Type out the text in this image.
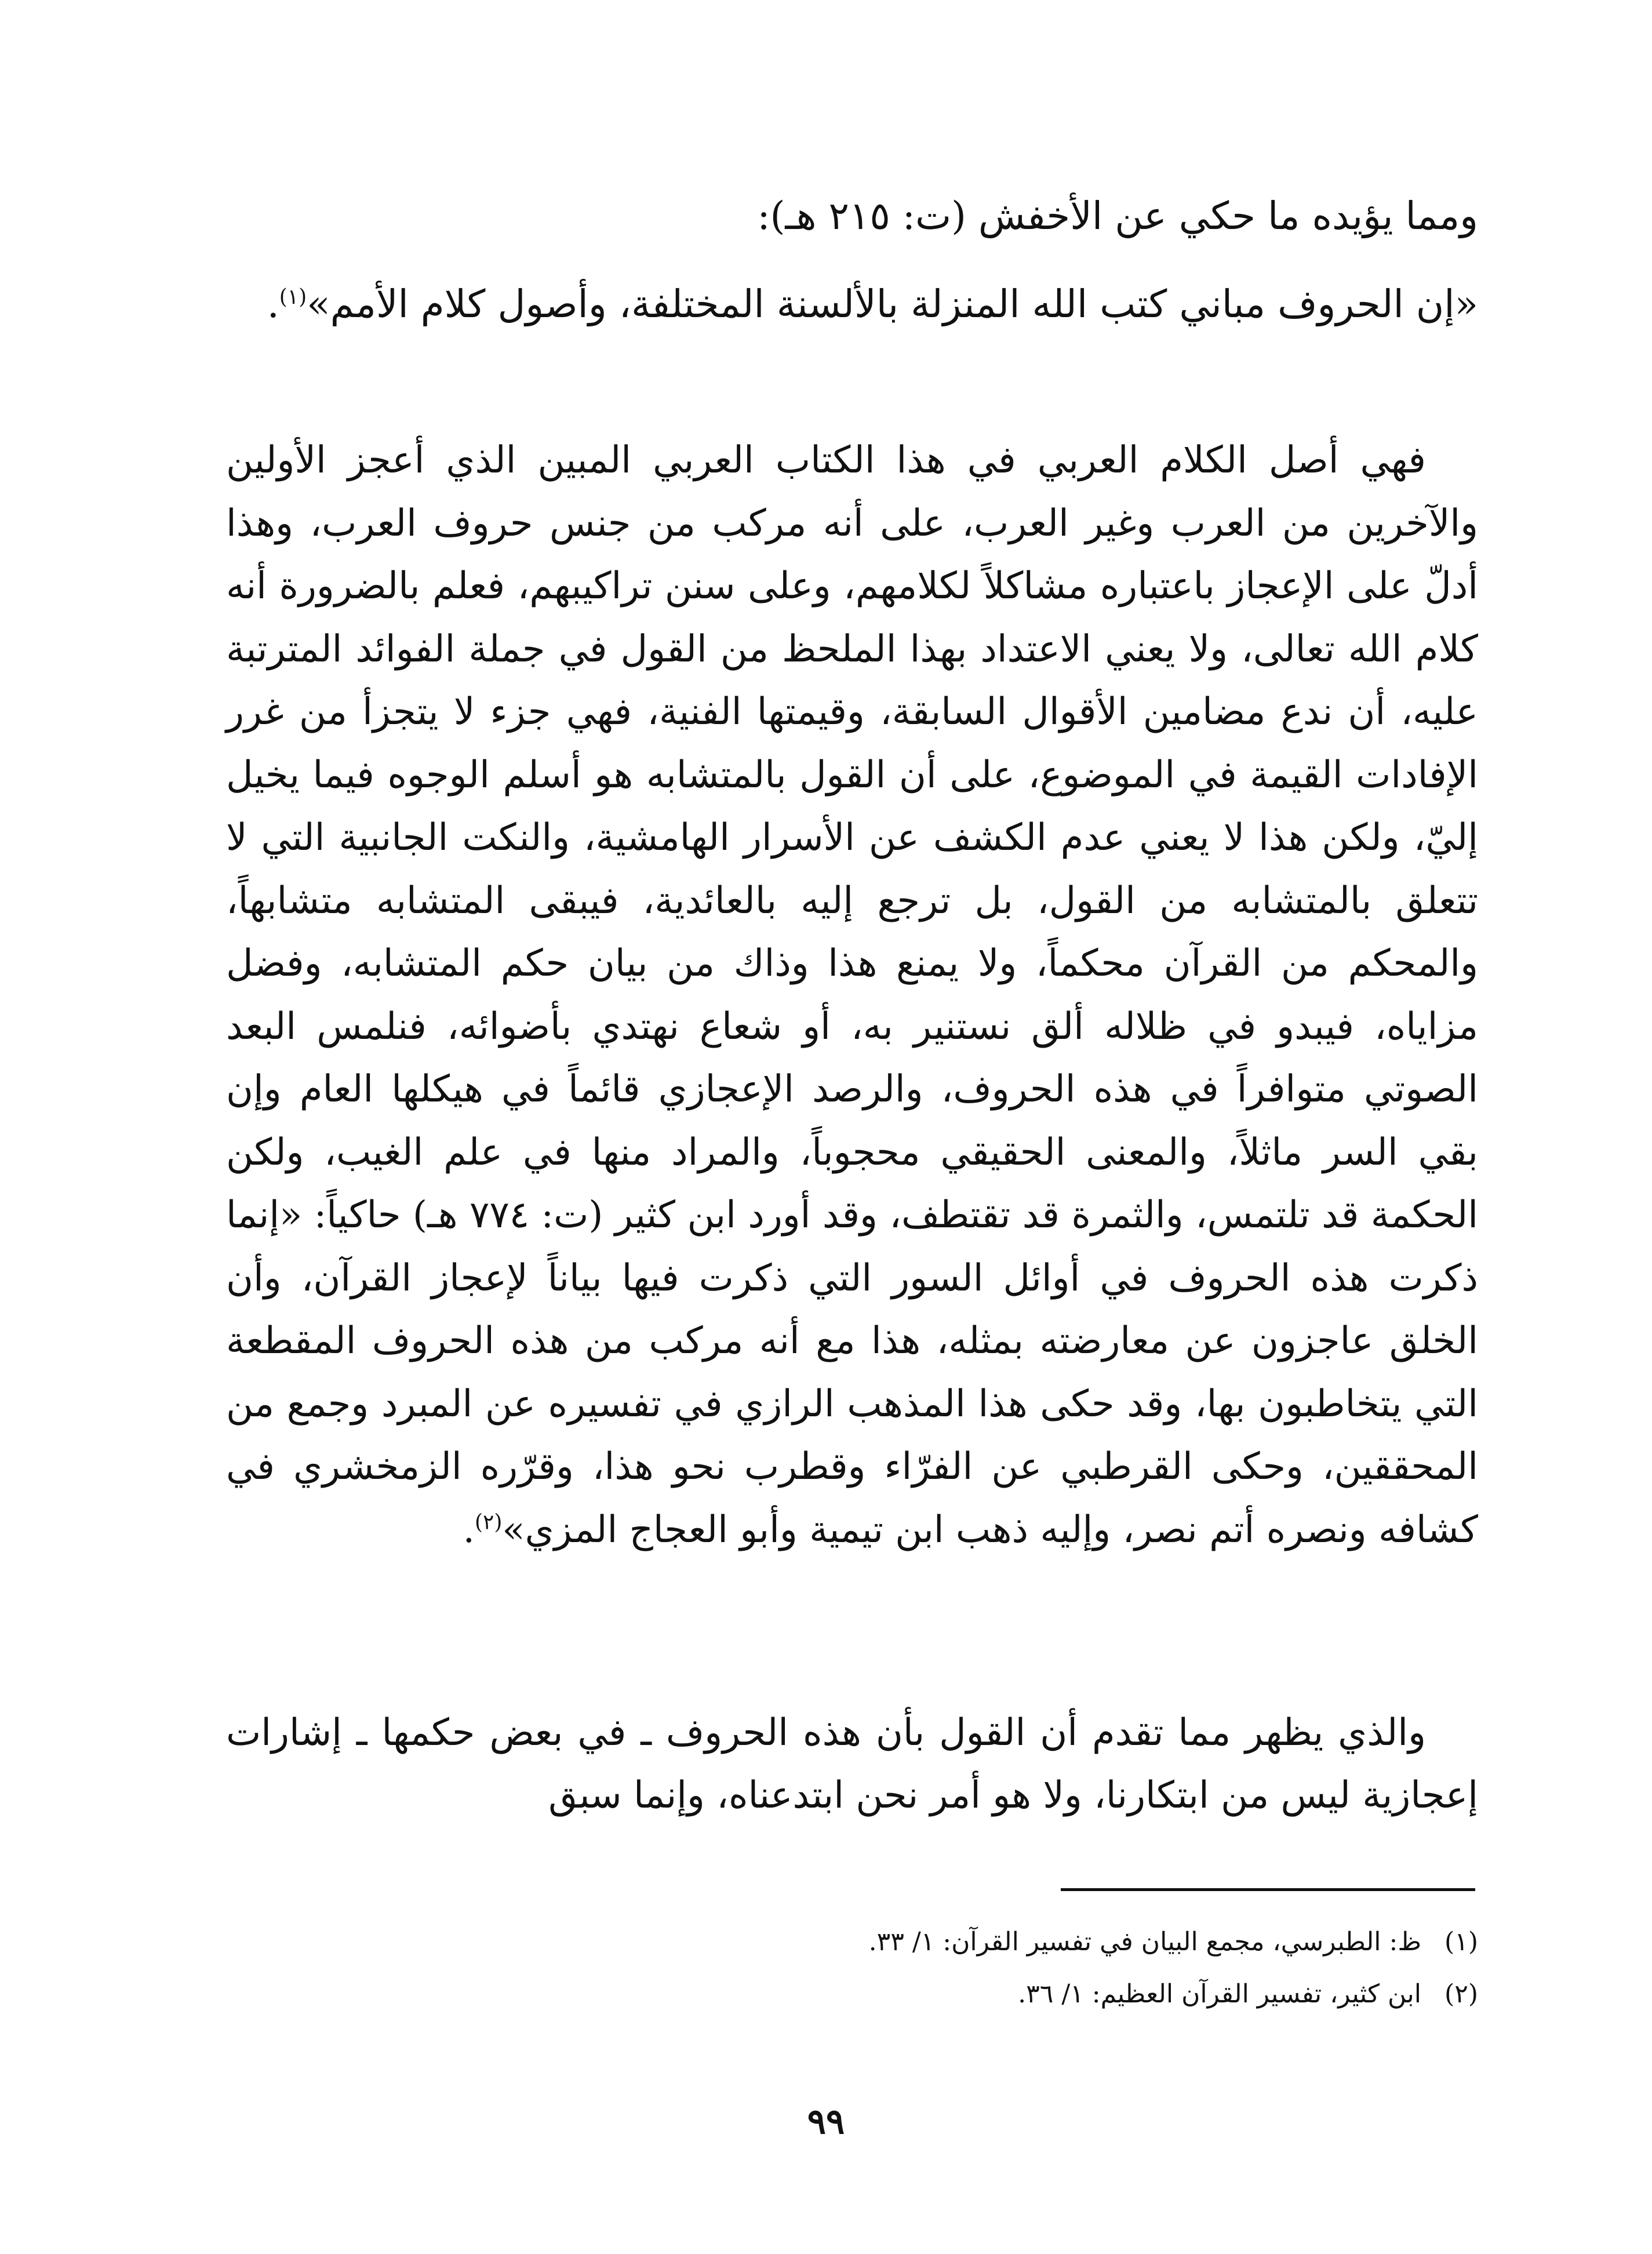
ومما يؤيده ما حكي عن الأخفش (ت: ٢١٥ هـ):

«إن الحروف مباني كتب الله المنزلة بالألسنة المختلفة، وأصول كلام الأمم»$^{(١)}$.

فهي أصل الكلام العربي في هذا الكتاب العربي المبين الذي أعجز الأولين والآخرين من العرب وغير العرب، على أنه مركب من جنس حروف العرب، وهذا أدلّ على الإعجاز باعتباره مشاكلاً لكلامهم، وعلى سنن تراكيبهم، فعلم بالضرورة أنه كلام الله تعالى، ولا يعني الاعتداد بهذا الملحظ من القول في جملة الفوائد المترتبة عليه، أن ندع مضامين الأقوال السابقة، وقيمتها الفنية، فهي جزء لا يتجزأ من غرر الإفادات القيمة في الموضوع، على أن القول بالمتشابه هو أسلم الوجوه فيما يخيل إليّ، ولكن هذا لا يعني عدم الكشف عن الأسرار الهامشية، والنكت الجانبية التي لا تتعلق بالمتشابه من القول، بل ترجع إليه بالعائدية، فيبقى المتشابه متشابهاً، والمحكم من القرآن محكماً، ولا يمنع هذا وذاك من بيان حكم المتشابه، وفضل مزاياه، فيبدو في ظلاله ألق نستنير به، أو شعاع نهتدي بأضوائه، فنلمس البعد الصوتي متوافراً في هذه الحروف، والرصد الإعجازي قائماً في هيكلها العام وإن بقي السر ماثلاً، والمعنى الحقيقي محجوباً، والمراد منها في علم الغيب، ولكن الحكمة قد تلتمس، والثمرة قد تقتطف، وقد أورد ابن كثير (ت: ٧٧٤ هـ) حاكياً: «إنما ذكرت هذه الحروف في أوائل السور التي ذكرت فيها بياناً لإعجاز القرآن، وأن الخلق عاجزون عن معارضته بمثله، هذا مع أنه مركب من هذه الحروف المقطعة التي يتخاطبون بها، وقد حكى هذا المذهب الرازي في تفسيره عن المبرد وجمع من المحققين، وحكى القرطبي عن الفرّاء وقطرب نحو هذا، وقرّره الزمخشري في كشافه ونصره أتم نصر، وإليه ذهب ابن تيمية وأبو العجاج المزي»$^{(٢)}$.

والذي يظهر مما تقدم أن القول بأن هذه الحروف ـ في بعض حكمها ـ إشارات إعجازية ليس من ابتكارنا، ولا هو أمر نحن ابتدعناه، وإنما سبق

(١)ظ: الطبرسي، مجمع البيان في تفسير القرآن: ١/ ٣٣.
(٢)ابن كثير، تفسير القرآن العظيم: ١/ ٣٦.
٩٩
